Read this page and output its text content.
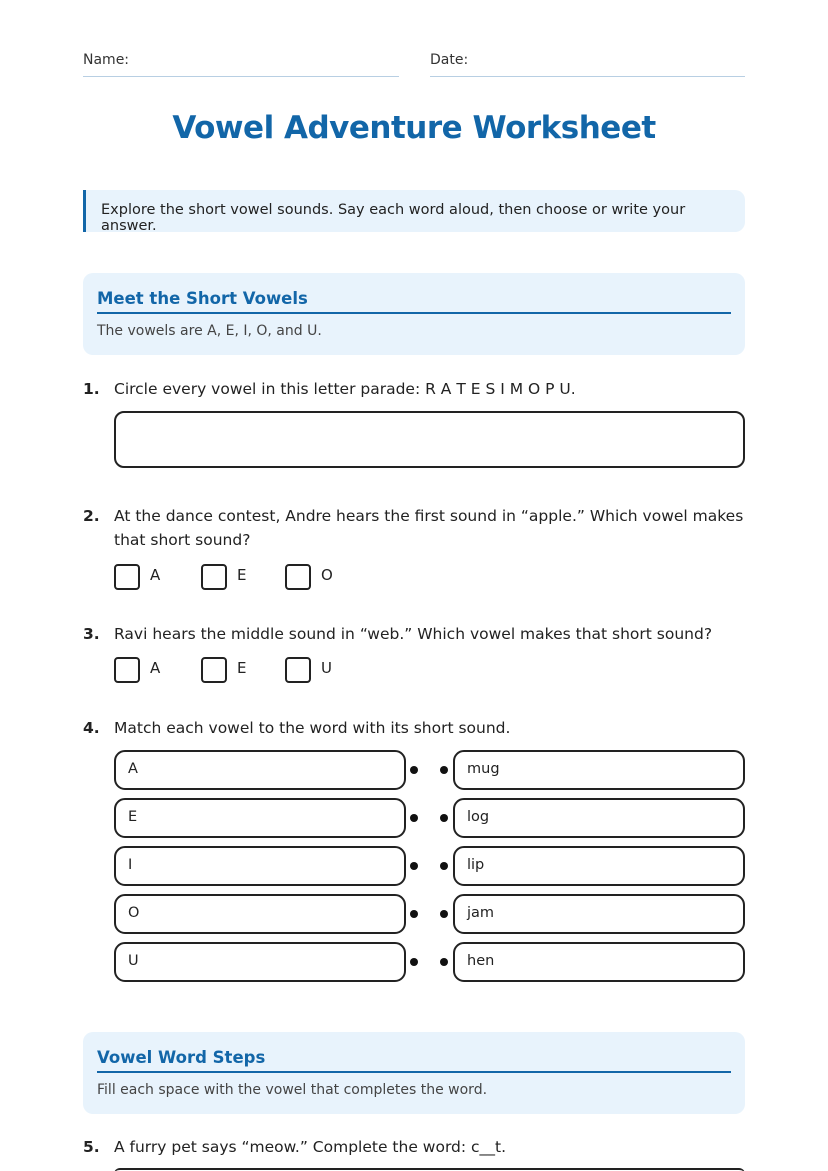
Name:	Date:
Vowel Adventure Worksheet
Explore the short vowel sounds. Say each word aloud, then choose or write your answer.
Meet the Short Vowels
The vowels are A, E, I, O, and U.
1. Circle every vowel in this letter parade: R A T E S I M O P U.
2. At the dance contest, Andre hears the first sound in “apple.” Which vowel makes that short sound?
A	E	O
3. Ravi hears the middle sound in “web.” Which vowel makes that short sound?
A	E	U
4. Match each vowel to the word with its short sound.
A	mug
E	log
I	lip
O	jam
U	hen
Vowel Word Steps
Fill each space with the vowel that completes the word.
5. A furry pet says “meow.” Complete the word: c__t.
